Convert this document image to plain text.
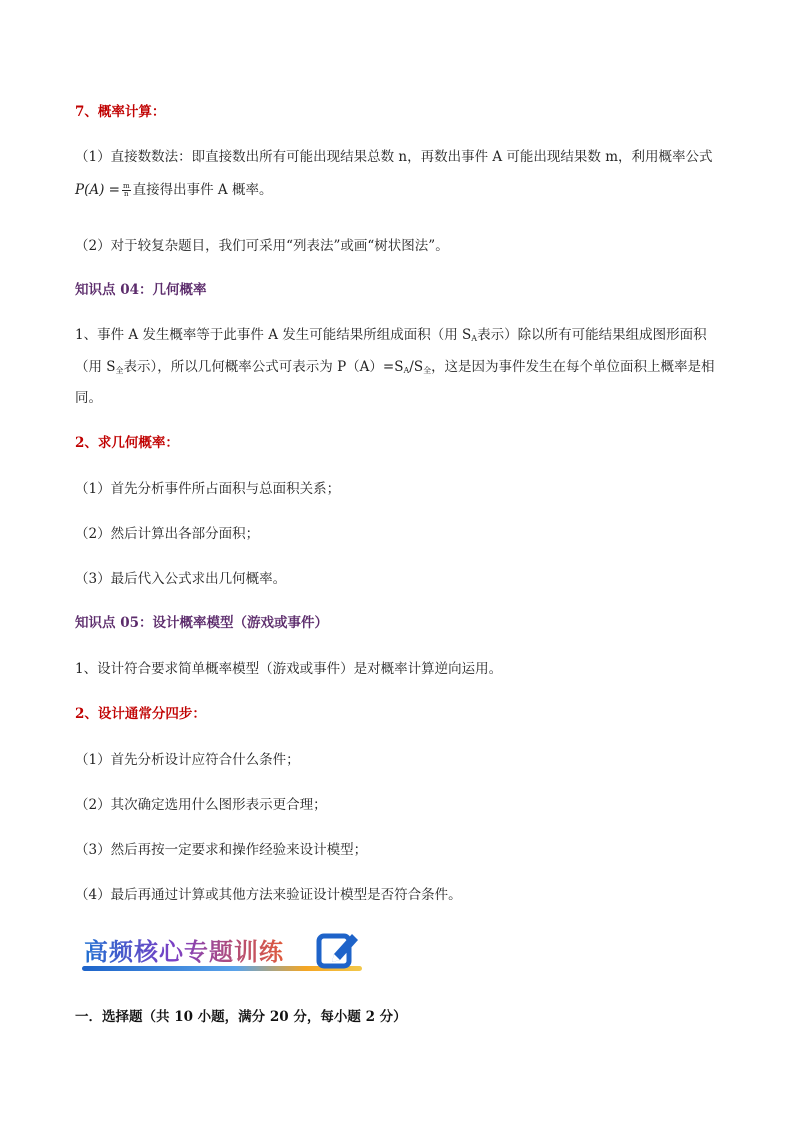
7、概率计算：
（1）直接数数法：即直接数出所有可能出现结果总数 n，再数出事件 A 可能出现结果数 m，利用概率公式
$P(A) = \frac{m}{n}$ 直接得出事件 A 概率。
（2）对于较复杂题目，我们可采用“列表法”或画“树状图法”。
知识点 04：几何概率
1、事件 A 发生概率等于此事件 A 发生可能结果所组成面积（用 $S_A$表示）除以所有可能结果组成图形面积
（用 $S_全$表示），所以几何概率公式可表示为 $P(A)=S_A/S_全$，这是因为事件发生在每个单位面积上概率是相
同。
2、求几何概率：
（1）首先分析事件所占面积与总面积关系；
（2）然后计算出各部分面积；
（3）最后代入公式求出几何概率。
知识点 05：设计概率模型（游戏或事件）
1、设计符合要求简单概率模型（游戏或事件）是对概率计算逆向运用。
2、设计通常分四步：
（1）首先分析设计应符合什么条件；
（2）其次确定选用什么图形表示更合理；
（3）然后再按一定要求和操作经验来设计模型；
（4）最后再通过计算或其他方法来验证设计模型是否符合条件。
高频核心专题训练
一．选择题（共 10 小题，满分 20 分，每小题 2 分）
